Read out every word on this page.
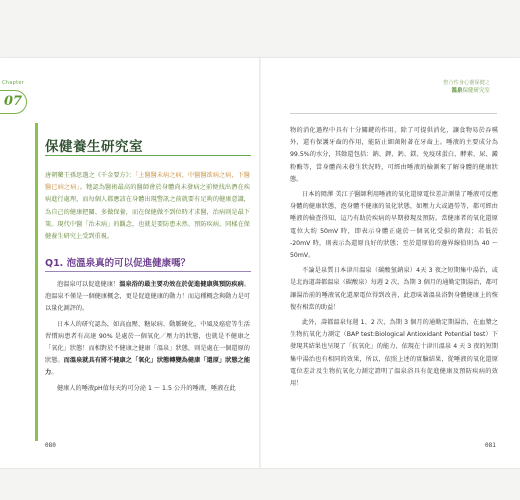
Chapter
07
整合性身心靈保健之
溫泉保健研究室
保健養生研究室
唐朝藥王孫思邈之《千金要方》：「上醫醫未病之病，中醫醫欲病之病，下醫醫已病之病」。牠認為醫術最高的醫師會於身體尚未發病之前便找出潛在疾病進行處理，而每個人都應該在身體出現警訊之前就要有足夠的健康意識，為自己的健康把關、多做保養，而在保健做不到位時才求醫，治病則是最下策。現代中醫「治未病」的觀念，也就是要防患未然、預防疾病，同樣在保健養生研究上受到重視。
Q1. 泡溫泉真的可以促進健康嗎？

泡溫泉可以促進健康！溫泉浴的最主要功效在於促進健康與預防疾病。泡溫泉不僅是一個健康概念，更是促進健康的動力！而這種概念與動力是可以量化測評的。

日本人的研究認為，如高血壓、糖尿病、動脈硬化、中風及癌症等生活習慣病患者有高達 90% 是處於一個氧化／壓力的狀態，也就是不健康之「氧化」狀態！而相對於不健康之健康「溫泉」狀態，則是處在一個還原的狀態。而溫泉就具有將不健康之「氧化」狀態轉變為健康「還原」狀態之能力。

健康人的唾液pH值每天約可分泌 1 ～ 1.5 公升的唾液，唾液在此

080

物的消化過程中具有十分關鍵的作用，除了可提供消化，讓食物易於吞嚥外，還有保護牙齒的作用，能防止細菌附著在牙齒上。唾液的主要成分為 99.5%的水分，其餘還包括：鈉、鉀、鈣、鎂、免疫球蛋白、酵素、尿、澱粉酶等，當身體尚未發生狀況時，可經由唾液的檢測來了解身體的健康狀態。

日本的岡澤 美江子醫師利用唾液的氧化還原電位差計測量了唾液可反應身體的健康狀態，泡身體不健康的氧化狀態，如壓力大或過勞等，都可經由唾液的檢查得知，這乃有助於疾病的早期發現及預防。當健康者的氧化還原電位大約 50mV 時，即表示身體正處於一個氧化受損的階段；若低於 -20mV 時，則表示為還原良好的狀態；至於還原值的邊界線值則為 40 ～ 50mV。

不論是泉質日本津川溫泉（碳酸氫鈉泉）4天 3 夜之短期集中湯治，或是北海道壽都溫泉（碳酸泉）每週 2 次，為期 3 個月的通勤定期湯治，都可讓湯治前的唾液氧化還原電位得到改善，此意味著溫泉浴對身體健康上的恢復有相當的助益！

此外，壽都溫泉每週 1、2 次，為期 3 個月的通勤定期湯治，在血漿之生物抗氧化力測定（BAP test:Biological Antioxidant Potential test）下發現其結果也呈現了「抗氧化」的能力，依現在十津川溫泉 4 天 3 夜的短期集中湯治也有相同的效果，所以，依照上述的實驗結果，從唾液的氧化還原電位差計及生物抗氧化力測定證明了溫泉浴具有促進健康及預防疾病的效用！

081
